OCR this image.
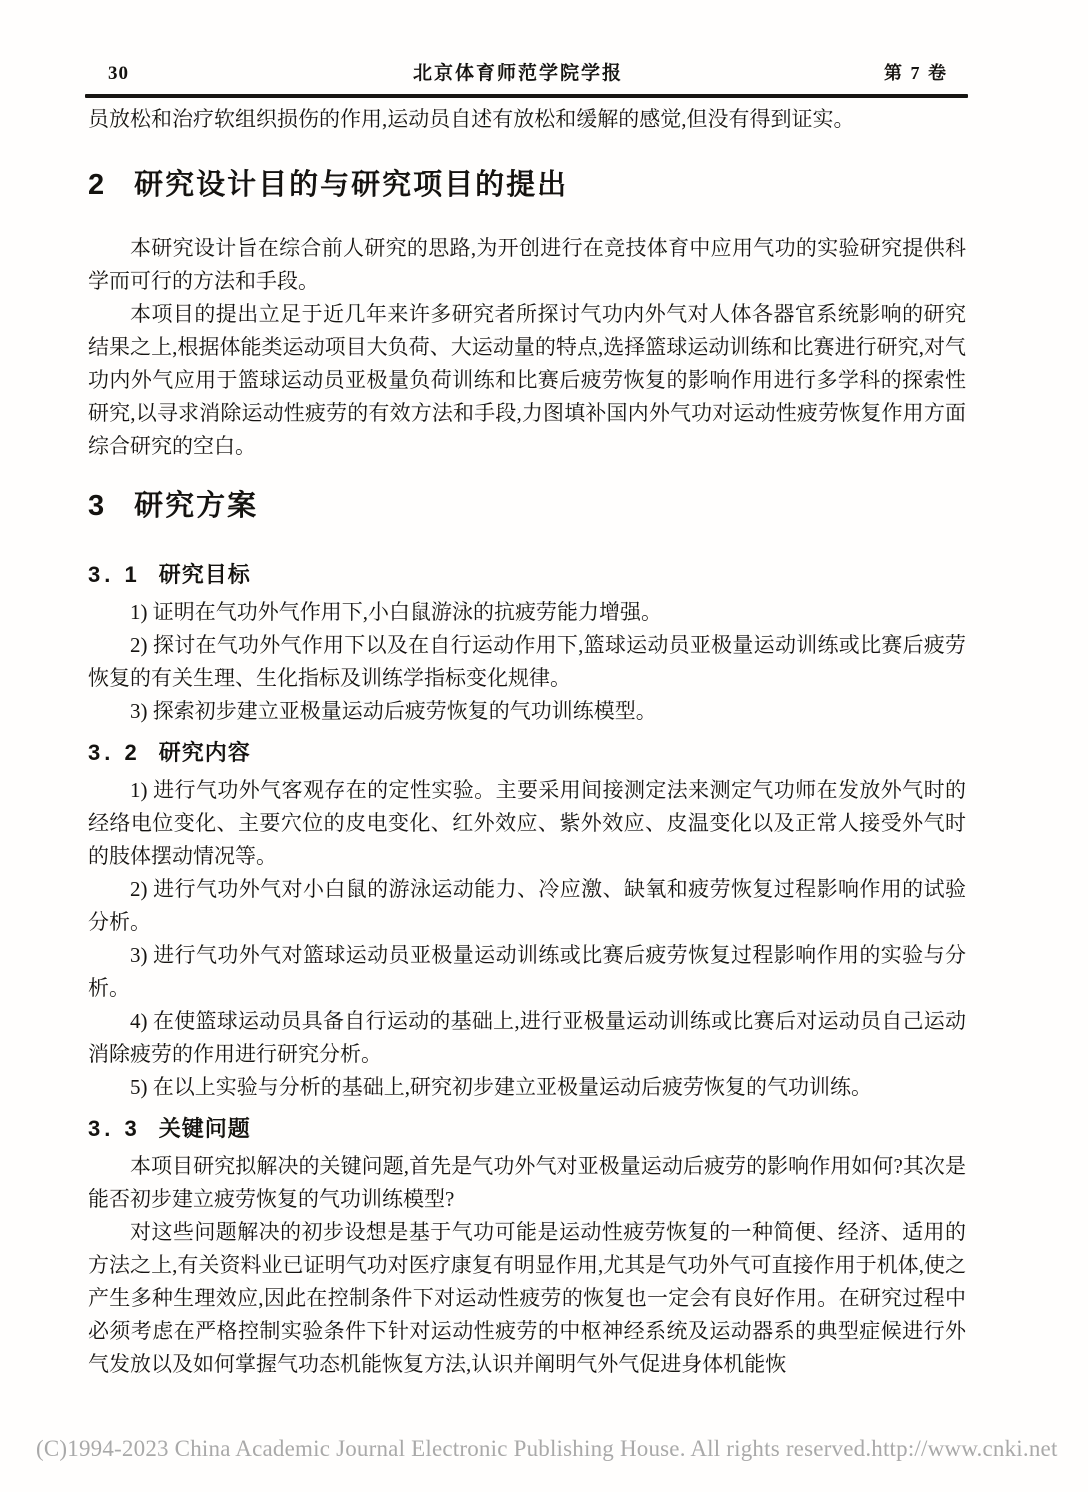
30	北京体育师范学院学报	第 7 卷

员放松和治疗软组织损伤的作用,运动员自述有放松和缓解的感觉,但没有得到证实。

2 研究设计目的与研究项目的提出

本研究设计旨在综合前人研究的思路,为开创进行在竞技体育中应用气功的实验研究提供科学而可行的方法和手段。

本项目的提出立足于近几年来许多研究者所探讨气功内外气对人体各器官系统影响的研究结果之上,根据体能类运动项目大负荷、大运动量的特点,选择篮球运动训练和比赛进行研究,对气功内外气应用于篮球运动员亚极量负荷训练和比赛后疲劳恢复的影响作用进行多学科的探索性研究,以寻求消除运动性疲劳的有效方法和手段,力图填补国内外气功对运动性疲劳恢复作用方面综合研究的空白。

3 研究方案
3. 1 研究目标

1) 证明在气功外气作用下,小白鼠游泳的抗疲劳能力增强。

2) 探讨在气功外气作用下以及在自行运动作用下,篮球运动员亚极量运动训练或比赛后疲劳恢复的有关生理、生化指标及训练学指标变化规律。

3) 探索初步建立亚极量运动后疲劳恢复的气功训练模型。

3. 2 研究内容

1) 进行气功外气客观存在的定性实验。主要采用间接测定法来测定气功师在发放外气时的经络电位变化、主要穴位的皮电变化、红外效应、紫外效应、皮温变化以及正常人接受外气时的肢体摆动情况等。

2) 进行气功外气对小白鼠的游泳运动能力、冷应激、缺氧和疲劳恢复过程影响作用的试验分析。

3) 进行气功外气对篮球运动员亚极量运动训练或比赛后疲劳恢复过程影响作用的实验与分析。

4) 在使篮球运动员具备自行运动的基础上,进行亚极量运动训练或比赛后对运动员自己运动消除疲劳的作用进行研究分析。

5) 在以上实验与分析的基础上,研究初步建立亚极量运动后疲劳恢复的气功训练。

3. 3 关键问题

本项目研究拟解决的关键问题,首先是气功外气对亚极量运动后疲劳的影响作用如何?其次是能否初步建立疲劳恢复的气功训练模型?

对这些问题解决的初步设想是基于气功可能是运动性疲劳恢复的一种简便、经济、适用的方法之上,有关资料业已证明气功对医疗康复有明显作用,尤其是气功外气可直接作用于机体,使之产生多种生理效应,因此在控制条件下对运动性疲劳的恢复也一定会有良好作用。在研究过程中必须考虑在严格控制实验条件下针对运动性疲劳的中枢神经系统及运动器系的典型症候进行外气发放以及如何掌握气功态机能恢复方法,认识并阐明气外气促进身体机能恢

(C)1994-2023 China Academic Journal Electronic Publishing House. All rights reserved. http://www.cnki.net
